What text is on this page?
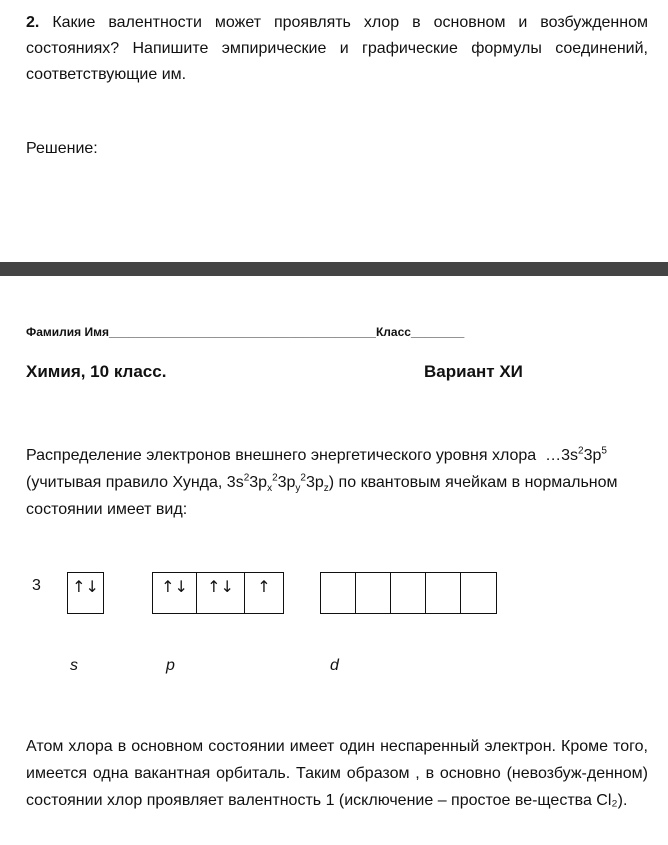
2. Какие валентности может проявлять хлор в основном и возбужденном состояниях? Напишите эмпирические и графические формулы соединений, соответствующие им.
Решение:
Фамилия Имя________________________________________Класс________
Химия, 10 класс.	Вариант ХИ
Распределение электронов внешнего энергетического уровня хлора $\dots 3s^23p^5$ (учитывая правило Хунда, $3s^23p_x^23p_y^23p_z$) по квантовым ячейкам в нормальном состоянии имеет вид:
3 ↑↓	↑↓	↑↓	↑
s	p	d
Атом хлора в основном состоянии имеет один неспаренный электрон. Кроме того, имеется одна вакантная орбиталь. Таким образом , в основно (невозбуж-денном) состоянии хлор проявляет валентность 1 (исключение – простое ве-щества Cl₂).
